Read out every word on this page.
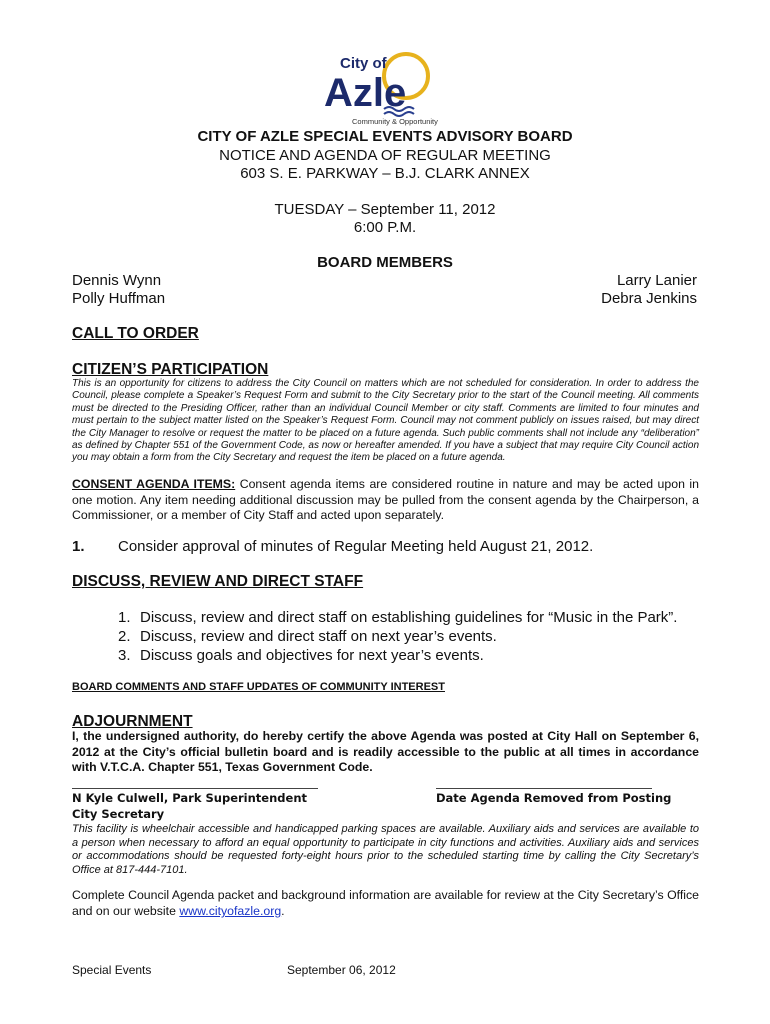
City of
Azle
Community & Opportunity
CITY OF AZLE SPECIAL EVENTS ADVISORY BOARD
NOTICE AND AGENDA OF REGULAR MEETING
603 S. E. PARKWAY – B.J. CLARK ANNEX
TUESDAY – September 11, 2012
6:00 P.M.
BOARD MEMBERS
Dennis Wynn
Polly Huffman
Larry Lanier
Debra Jenkins
CALL TO ORDER
CITIZEN’S PARTICIPATION
This is an opportunity for citizens to address the City Council on matters which are not scheduled for consideration. In order to address the Council, please complete a Speaker’s Request Form and submit to the City Secretary prior to the start of the Council meeting. All comments must be directed to the Presiding Officer, rather than an individual Council Member or city staff. Comments are limited to four minutes and must pertain to the subject matter listed on the Speaker’s Request Form. Council may not comment publicly on issues raised, but may direct the City Manager to resolve or request the matter to be placed on a future agenda. Such public comments shall not include any “deliberation” as defined by Chapter 551 of the Government Code, as now or hereafter amended. If you have a subject that may require City Council action you may obtain a form from the City Secretary and request the item be placed on a future agenda.
CONSENT AGENDA ITEMS: Consent agenda items are considered routine in nature and may be acted upon in one motion. Any item needing additional discussion may be pulled from the consent agenda by the Chairperson, a Commissioner, or a member of City Staff and acted upon separately.
1. Consider approval of minutes of Regular Meeting held August 21, 2012.
DISCUSS, REVIEW AND DIRECT STAFF
1. Discuss, review and direct staff on establishing guidelines for “Music in the Park”.
2. Discuss, review and direct staff on next year’s events.
3. Discuss goals and objectives for next year’s events.
BOARD COMMENTS AND STAFF UPDATES OF COMMUNITY INTEREST
ADJOURNMENT
I, the undersigned authority, do hereby certify the above Agenda was posted at City Hall on September 6, 2012 at the City’s official bulletin board and is readily accessible to the public at all times in accordance with V.T.C.A. Chapter 551, Texas Government Code.
N Kyle Culwell, Park Superintendent
City Secretary
Date Agenda Removed from Posting
This facility is wheelchair accessible and handicapped parking spaces are available. Auxiliary aids and services are available to a person when necessary to afford an equal opportunity to participate in city functions and activities. Auxiliary aids and services or accommodations should be requested forty-eight hours prior to the scheduled starting time by calling the City Secretary’s Office at 817-444-7101.
Complete Council Agenda packet and background information are available for review at the City Secretary’s Office and on our website www.cityofazle.org.
Special Events	September 06, 2012
